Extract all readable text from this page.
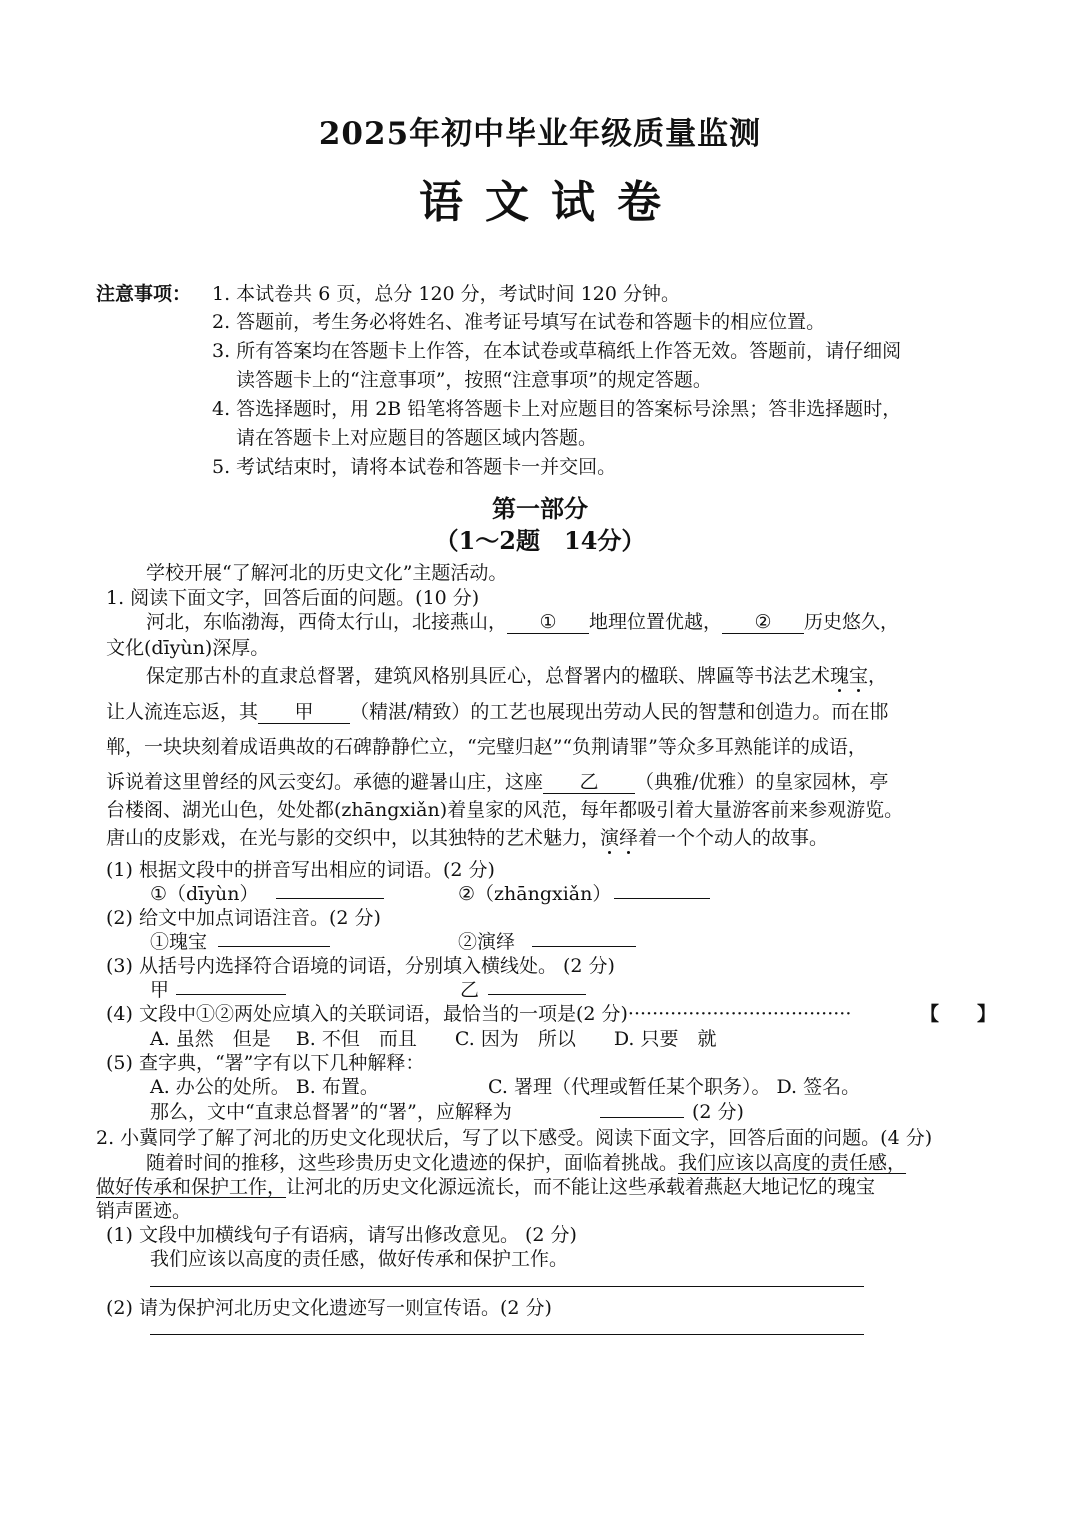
2025年初中毕业年级质量监测
语文试卷
注意事项： 1. 本试卷共 6 页，总分 120 分，考试时间 120 分钟。
2. 答题前，考生务必将姓名、准考证号填写在试卷和答题卡的相应位置。
3. 所有答案均在答题卡上作答，在本试卷或草稿纸上作答无效。答题前，请仔细阅
读答题卡上的“注意事项”，按照“注意事项”的规定答题。
4. 答选择题时，用 2B 铅笔将答题卡上对应题目的答案标号涂黑；答非选择题时，
请在答题卡上对应题目的答题区域内答题。
5. 考试结束时，请将本试卷和答题卡一并交回。
第一部分
（1～2题　14分）
学校开展“了解河北的历史文化”主题活动。
1. 阅读下面文字，回答后面的问题。(10 分)
河北，东临渤海，西倚太行山，北接燕山， ① 地理位置优越， ② 历史悠久，
文化(dīyùn)深厚。
保定那古朴的直隶总督署，建筑风格别具匠心，总督署内的楹联、牌匾等书法艺术瑰宝，
让人流连忘返，其 甲 （精湛/精致）的工艺也展现出劳动人民的智慧和创造力。而在邯
郸，一块块刻着成语典故的石碑静静伫立，“完璧归赵”“负荆请罪”等众多耳熟能详的成语，
诉说着这里曾经的风云变幻。承德的避暑山庄，这座 乙 （典雅/优雅）的皇家园林，亭
台楼阁、湖光山色，处处都(zhāngxiǎn)着皇家的风范，每年都吸引着大量游客前来参观游览。
唐山的皮影戏，在光与影的交织中，以其独特的艺术魅力，演绎着一个个动人的故事。
(1) 根据文段中的拼音写出相应的词语。(2 分)
①（dīyùn）	②（zhāngxiǎn）
(2) 给文中加点词语注音。(2 分)
①瑰宝	②演绎
(3) 从括号内选择符合语境的词语，分别填入横线处。 (2 分)
甲	乙
(4) 文段中①②两处应填入的关联词语，最恰当的一项是(2 分)·····································	【　　】
A. 虽然　但是　 B. 不但　而且　　C. 因为　所以　　D. 只要　就
(5) 查字典，“署”字有以下几种解释：
A. 办公的处所。 B. 布置。	C. 署理（代理或暂任某个职务）。 D. 签名。
那么，文中“直隶总督署”的“署”，应解释为	(2 分)
2. 小冀同学了解了河北的历史文化现状后，写了以下感受。阅读下面文字，回答后面的问题。(4 分)
随着时间的推移，这些珍贵历史文化遗迹的保护，面临着挑战。我们应该以高度的责任感，
做好传承和保护工作，让河北的历史文化源远流长，而不能让这些承载着燕赵大地记忆的瑰宝
销声匿迹。
(1) 文段中加横线句子有语病，请写出修改意见。 (2 分)
我们应该以高度的责任感，做好传承和保护工作。
(2) 请为保护河北历史文化遗迹写一则宣传语。(2 分)
